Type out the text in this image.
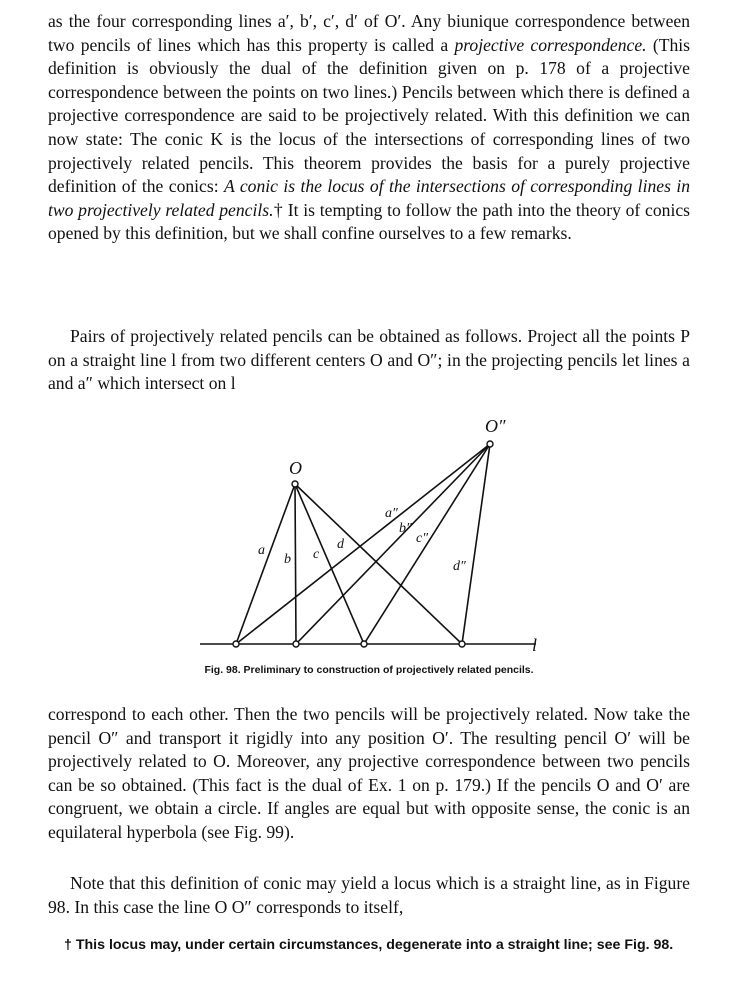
as the four corresponding lines a′, b′, c′, d′ of O′. Any biunique correspondence between two pencils of lines which has this property is called a projective correspondence. (This definition is obviously the dual of the definition given on p. 178 of a projective correspondence between the points on two lines.) Pencils between which there is defined a projective correspondence are said to be projectively related. With this definition we can now state: The conic K is the locus of the intersections of corresponding lines of two projectively related pencils. This theorem provides the basis for a purely projective definition of the conics: A conic is the locus of the intersections of corresponding lines in two projectively related pencils.† It is tempting to follow the path into the theory of conics opened by this definition, but we shall confine ourselves to a few remarks.

Pairs of projectively related pencils can be obtained as follows. Project all the points P on a straight line l from two different centers O and O″; in the projecting pencils let lines a and a″ which intersect on l

O
O″
l
a
b c
d
a″
b″
c″
d″
Fig. 98. Preliminary to construction of projectively related pencils.

correspond to each other. Then the two pencils will be projectively related. Now take the pencil O″ and transport it rigidly into any position O′. The resulting pencil O′ will be projectively related to O. Moreover, any projective correspondence between two pencils can be so obtained. (This fact is the dual of Ex. 1 on p. 179.) If the pencils O and O′ are congruent, we obtain a circle. If angles are equal but with opposite sense, the conic is an equilateral hyperbola (see Fig. 99).

Note that this definition of conic may yield a locus which is a straight line, as in Figure 98. In this case the line O O″ corresponds to itself,

† This locus may, under certain circumstances, degenerate into a straight line; see Fig. 98.
